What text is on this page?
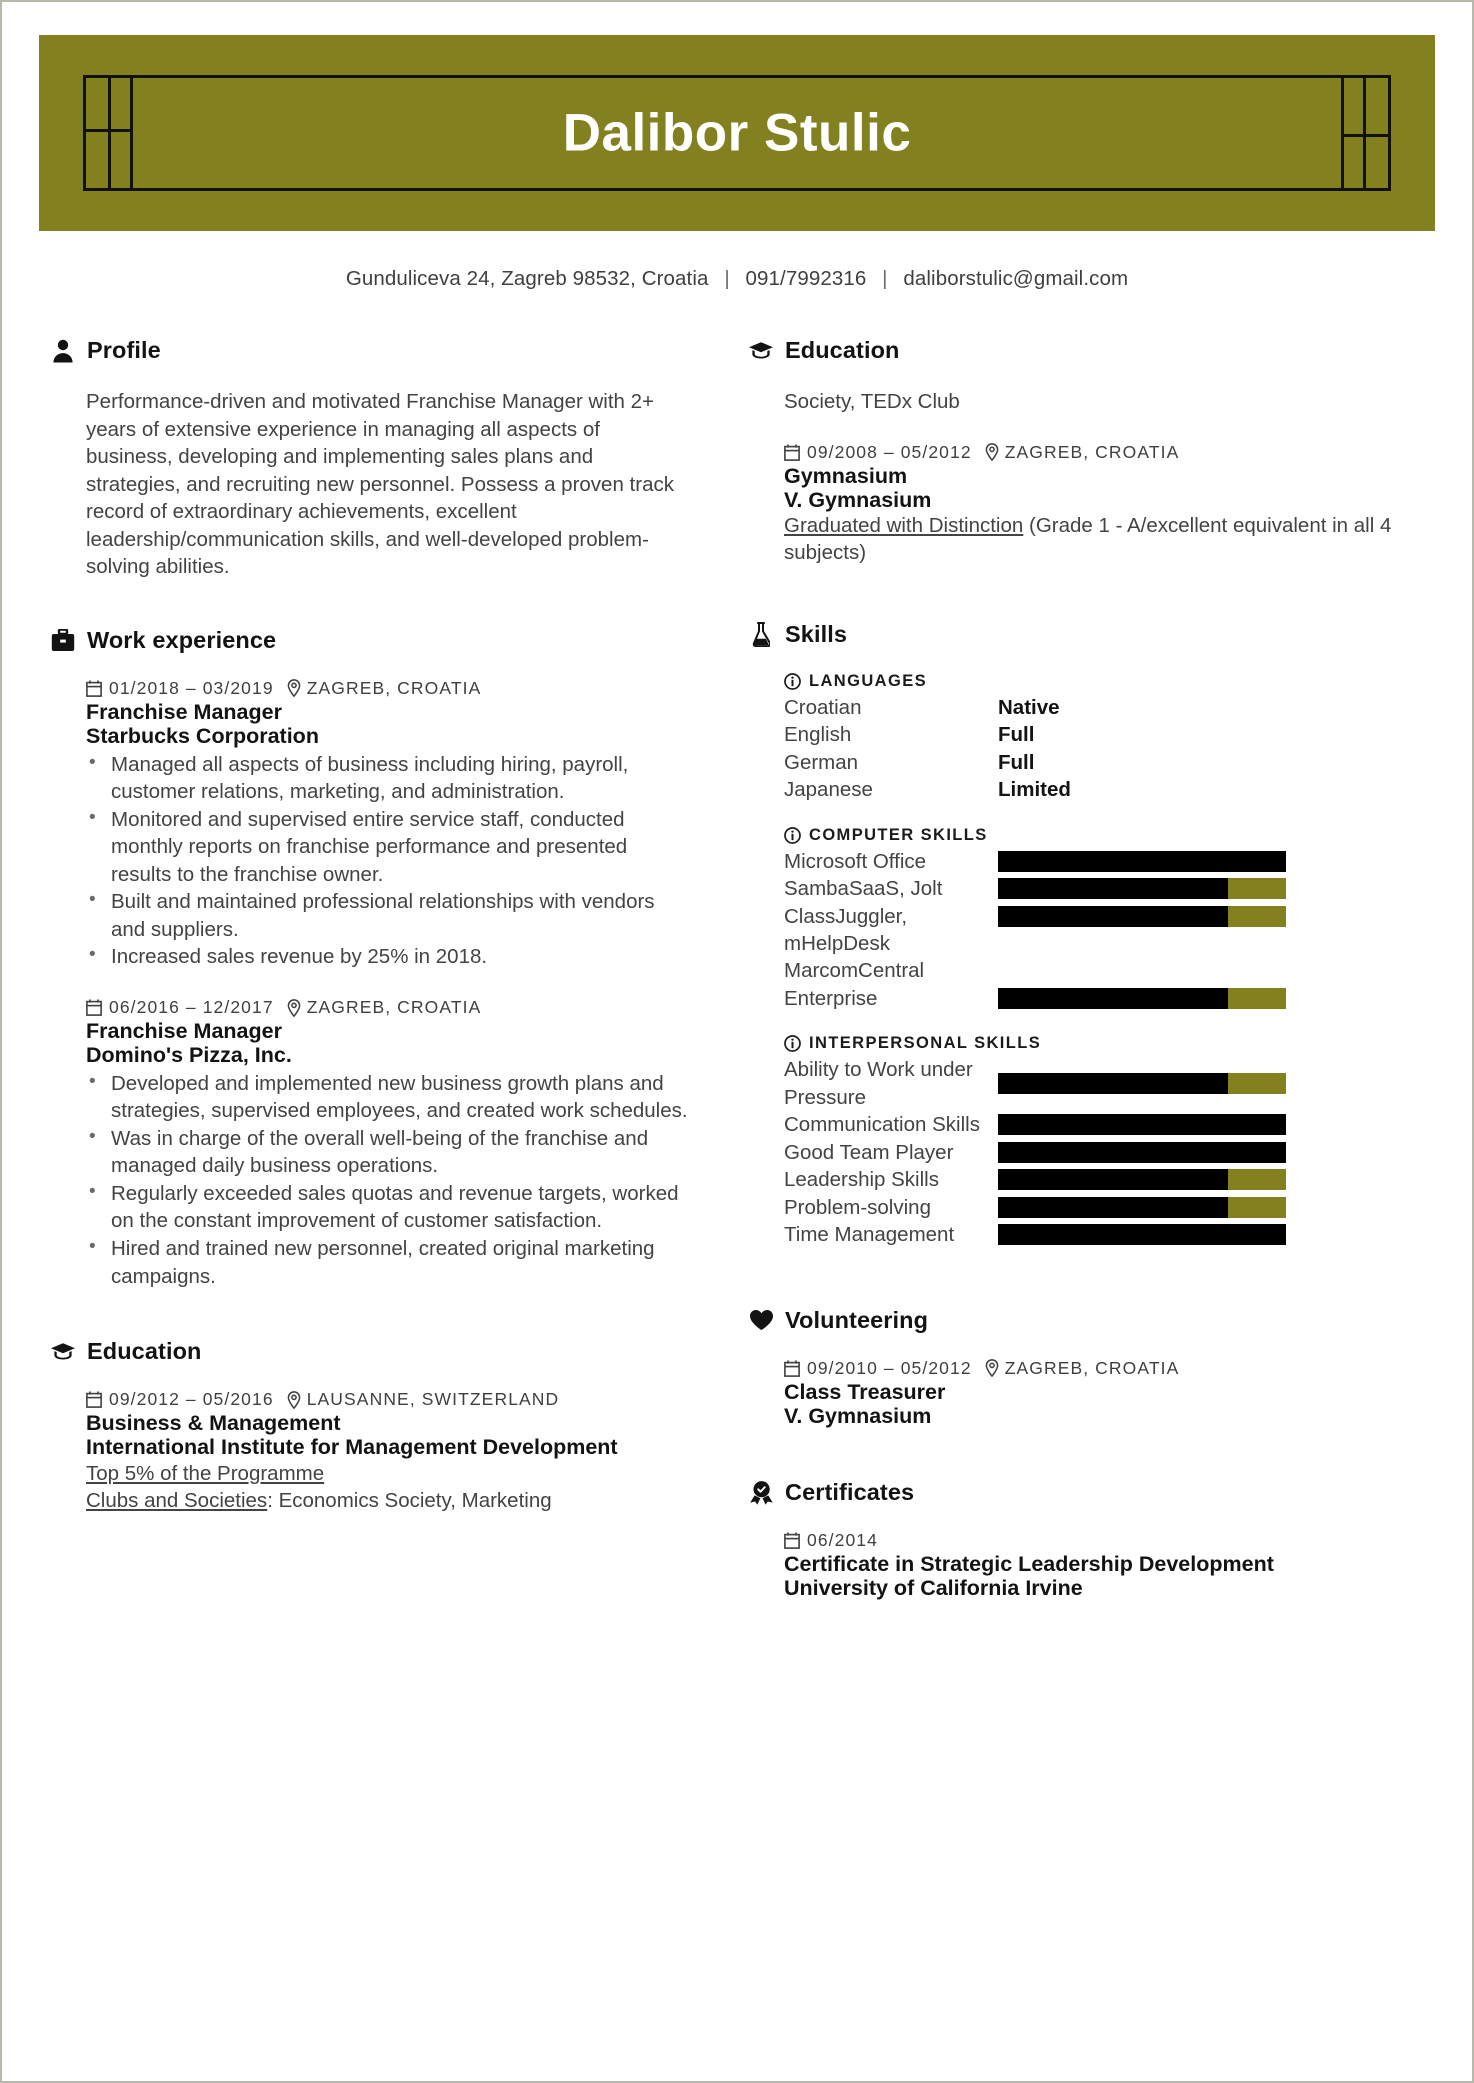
Dalibor Stulic
Gunduliceva 24, Zagreb 98532, Croatia | 091/7992316 | daliborstulic@gmail.com
Profile
Performance-driven and motivated Franchise Manager with 2+ years of extensive experience in managing all aspects of business, developing and implementing sales plans and strategies, and recruiting new personnel. Possess a proven track record of extraordinary achievements, excellent leadership/communication skills, and well-developed problem-solving abilities.
Work experience
01/2018 – 03/2019 ZAGREB, CROATIA
Franchise Manager
Starbucks Corporation
• Managed all aspects of business including hiring, payroll, customer relations, marketing, and administration.
• Monitored and supervised entire service staff, conducted monthly reports on franchise performance and presented results to the franchise owner.
• Built and maintained professional relationships with vendors and suppliers.
• Increased sales revenue by 25% in 2018.
06/2016 – 12/2017 ZAGREB, CROATIA
Franchise Manager
Domino's Pizza, Inc.
• Developed and implemented new business growth plans and strategies, supervised employees, and created work schedules.
• Was in charge of the overall well-being of the franchise and managed daily business operations.
• Regularly exceeded sales quotas and revenue targets, worked on the constant improvement of customer satisfaction.
• Hired and trained new personnel, created original marketing campaigns.
Education
09/2012 – 05/2016 LAUSANNE, SWITZERLAND
Business & Management
International Institute for Management Development
Top 5% of the Programme
Clubs and Societies: Economics Society, Marketing
Education
Society, TEDx Club
09/2008 – 05/2012 ZAGREB, CROATIA
Gymnasium
V. Gymnasium
Graduated with Distinction (Grade 1 - A/excellent equivalent in all 4 subjects)
Skills
LANGUAGES
Croatian	Native
English	Full
German	Full
Japanese	Limited
COMPUTER SKILLS
Microsoft Office
SambaSaaS, Jolt
ClassJuggler, mHelpDesk
MarcomCentral Enterprise
INTERPERSONAL SKILLS
Ability to Work under Pressure
Communication Skills
Good Team Player
Leadership Skills
Problem-solving
Time Management
Volunteering
09/2010 – 05/2012 ZAGREB, CROATIA
Class Treasurer
V. Gymnasium
Certificates
06/2014
Certificate in Strategic Leadership Development
University of California Irvine
